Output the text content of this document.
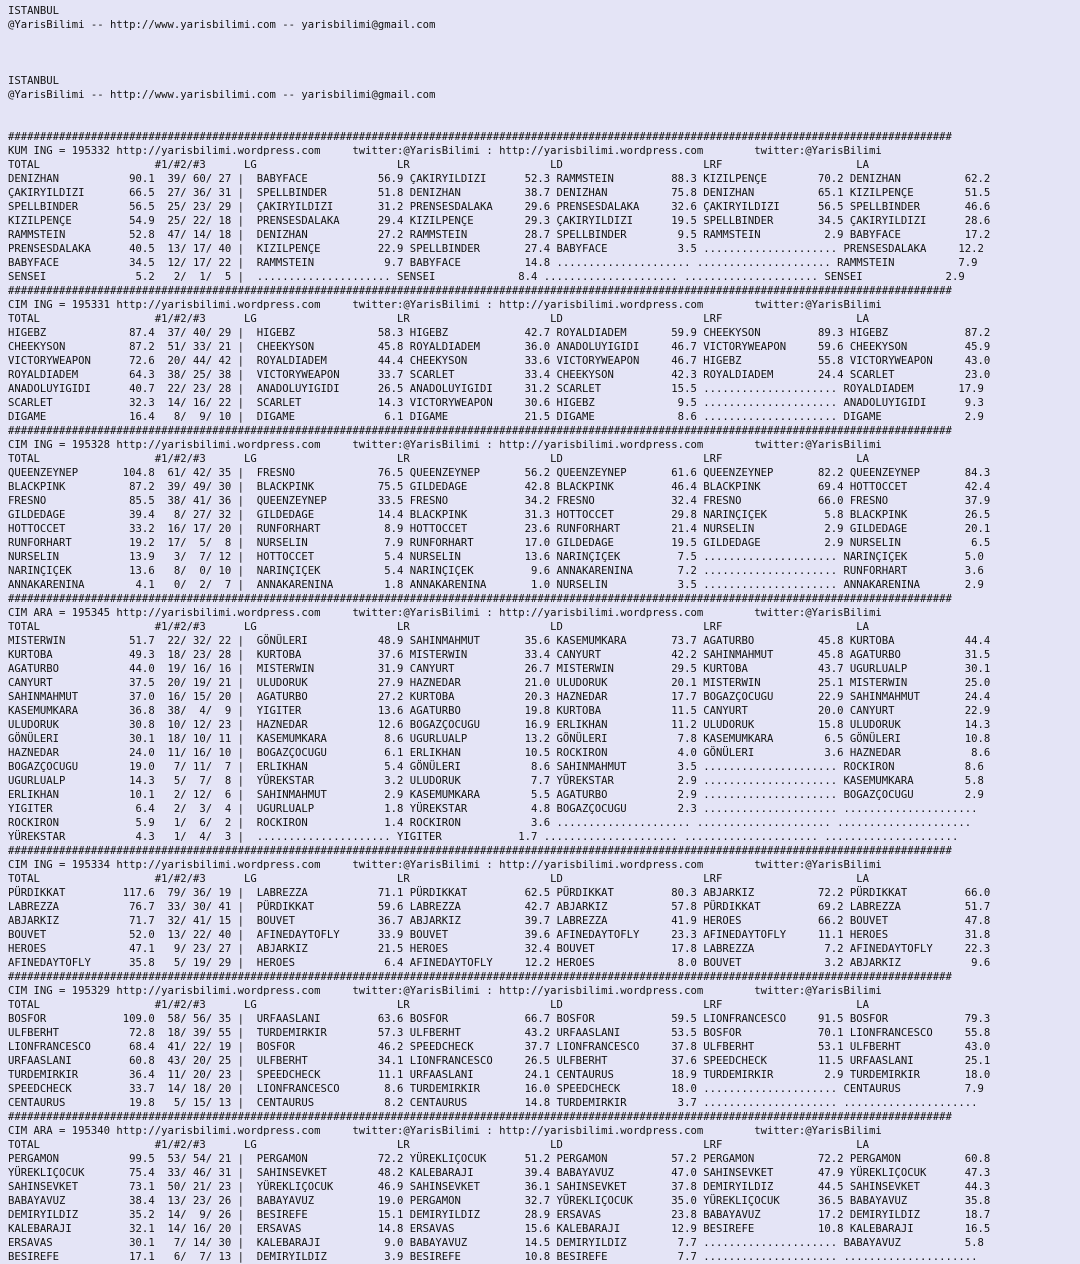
ISTANBUL
@YarisBilimi -- http://www.yarisbilimi.com -- yarisbilimi@gmail.com
ISTANBUL
@YarisBilimi -- http://www.yarisbilimi.com -- yarisbilimi@gmail.com
####################################################################################################################################################
KUM ING = 195332 http://yarisbilimi.wordpress.com     twitter:@YarisBilimi : http://yarisbilimi.wordpress.com        twitter:@YarisBilimi
TOTAL                  #1/#2/#3      LG                      LR                      LD                      LRF                     LA
DENIZHAN           90.1  39/ 60/ 27 |  BABYFACE           56.9 ÇAKIRYILDIZI      52.3 RAMMSTEIN         88.3 KIZILPENÇE        70.2 DENIZHAN          62.2
ÇAKIRYILDIZI       66.5  27/ 36/ 31 |  SPELLBINDER        51.8 DENIZHAN          38.7 DENIZHAN          75.8 DENIZHAN          65.1 KIZILPENÇE        51.5
SPELLBINDER        56.5  25/ 23/ 29 |  ÇAKIRYILDIZI       31.2 PRENSESDALAKA     29.6 PRENSESDALAKA     32.6 ÇAKIRYILDIZI      56.5 SPELLBINDER       46.6
KIZILPENÇE         54.9  25/ 22/ 18 |  PRENSESDALAKA      29.4 KIZILPENÇE        29.3 ÇAKIRYILDIZI      19.5 SPELLBINDER       34.5 ÇAKIRYILDIZI      28.6
RAMMSTEIN          52.8  47/ 14/ 18 |  DENIZHAN           27.2 RAMMSTEIN         28.7 SPELLBINDER        9.5 RAMMSTEIN          2.9 BABYFACE          17.2
PRENSESDALAKA      40.5  13/ 17/ 40 |  KIZILPENÇE         22.9 SPELLBINDER       27.4 BABYFACE           3.5 ..................... PRENSESDALAKA     12.2
BABYFACE           34.5  12/ 17/ 22 |  RAMMSTEIN           9.7 BABYFACE          14.8 ..................... ..................... RAMMSTEIN          7.9
SENSEI              5.2   2/  1/  5 |  ..................... SENSEI             8.4 ..................... ..................... SENSEI             2.9
####################################################################################################################################################
CIM ING = 195331 http://yarisbilimi.wordpress.com     twitter:@YarisBilimi : http://yarisbilimi.wordpress.com        twitter:@YarisBilimi
TOTAL                  #1/#2/#3      LG                      LR                      LD                      LRF                     LA
HIGEBZ             87.4  37/ 40/ 29 |  HIGEBZ             58.3 HIGEBZ            42.7 ROYALDIADEM       59.9 CHEEKYSON         89.3 HIGEBZ            87.2
CHEEKYSON          87.2  51/ 33/ 21 |  CHEEKYSON          45.8 ROYALDIADEM       36.0 ANADOLUYIGIDI     46.7 VICTORYWEAPON     59.6 CHEEKYSON         45.9
VICTORYWEAPON      72.6  20/ 44/ 42 |  ROYALDIADEM        44.4 CHEEKYSON         33.6 VICTORYWEAPON     46.7 HIGEBZ            55.8 VICTORYWEAPON     43.0
ROYALDIADEM        64.3  38/ 25/ 38 |  VICTORYWEAPON      33.7 SCARLET           33.4 CHEEKYSON         42.3 ROYALDIADEM       24.4 SCARLET           23.0
ANADOLUYIGIDI      40.7  22/ 23/ 28 |  ANADOLUYIGIDI      26.5 ANADOLUYIGIDI     31.2 SCARLET           15.5 ..................... ROYALDIADEM       17.9
SCARLET            32.3  14/ 16/ 22 |  SCARLET            14.3 VICTORYWEAPON     30.6 HIGEBZ             9.5 ..................... ANADOLUYIGIDI      9.3
DIGAME             16.4   8/  9/ 10 |  DIGAME              6.1 DIGAME            21.5 DIGAME             8.6 ..................... DIGAME             2.9
####################################################################################################################################################
CIM ING = 195328 http://yarisbilimi.wordpress.com     twitter:@YarisBilimi : http://yarisbilimi.wordpress.com        twitter:@YarisBilimi
TOTAL                  #1/#2/#3      LG                      LR                      LD                      LRF                     LA
QUEENZEYNEP       104.8  61/ 42/ 35 |  FRESNO             76.5 QUEENZEYNEP       56.2 QUEENZEYNEP       61.6 QUEENZEYNEP       82.2 QUEENZEYNEP       84.3
BLACKPINK          87.2  39/ 49/ 30 |  BLACKPINK          75.5 GILDEDAGE         42.8 BLACKPINK         46.4 BLACKPINK         69.4 HOTTOCCET         42.4
FRESNO             85.5  38/ 41/ 36 |  QUEENZEYNEP        33.5 FRESNO            34.2 FRESNO            32.4 FRESNO            66.0 FRESNO            37.9
GILDEDAGE          39.4   8/ 27/ 32 |  GILDEDAGE          14.4 BLACKPINK         31.3 HOTTOCCET         29.8 NARINÇIÇEK         5.8 BLACKPINK         26.5
HOTTOCCET          33.2  16/ 17/ 20 |  RUNFORHART          8.9 HOTTOCCET         23.6 RUNFORHART        21.4 NURSELIN           2.9 GILDEDAGE         20.1
RUNFORHART         19.2  17/  5/  8 |  NURSELIN            7.9 RUNFORHART        17.0 GILDEDAGE         19.5 GILDEDAGE          2.9 NURSELIN           6.5
NURSELIN           13.9   3/  7/ 12 |  HOTTOCCET           5.4 NURSELIN          13.6 NARINÇIÇEK         7.5 ..................... NARINÇIÇEK         5.0
NARINÇIÇEK         13.6   8/  0/ 10 |  NARINÇIÇEK          5.4 NARINÇIÇEK         9.6 ANNAKARENINA       7.2 ..................... RUNFORHART         3.6
ANNAKARENINA        4.1   0/  2/  7 |  ANNAKARENINA        1.8 ANNAKARENINA       1.0 NURSELIN           3.5 ..................... ANNAKARENINA       2.9
####################################################################################################################################################
CIM ARA = 195345 http://yarisbilimi.wordpress.com     twitter:@YarisBilimi : http://yarisbilimi.wordpress.com        twitter:@YarisBilimi
TOTAL                  #1/#2/#3      LG                      LR                      LD                      LRF                     LA
MISTERWIN          51.7  22/ 32/ 22 |  GÖNÜLERI           48.9 SAHINMAHMUT       35.6 KASEMUMKARA       73.7 AGATURBO          45.8 KURTOBA           44.4
KURTOBA            49.3  18/ 23/ 28 |  KURTOBA            37.6 MISTERWIN         33.4 CANYURT           42.2 SAHINMAHMUT       45.8 AGATURBO          31.5
AGATURBO           44.0  19/ 16/ 16 |  MISTERWIN          31.9 CANYURT           26.7 MISTERWIN         29.5 KURTOBA           43.7 UGURLUALP         30.1
CANYURT            37.5  20/ 19/ 21 |  ULUDORUK           27.9 HAZNEDAR          21.0 ULUDORUK          20.1 MISTERWIN         25.1 MISTERWIN         25.0
SAHINMAHMUT        37.0  16/ 15/ 20 |  AGATURBO           27.2 KURTOBA           20.3 HAZNEDAR          17.7 BOGAZÇOCUGU       22.9 SAHINMAHMUT       24.4
KASEMUMKARA        36.8  38/  4/  9 |  YIGITER            13.6 AGATURBO          19.8 KURTOBA           11.5 CANYURT           20.0 CANYURT           22.9
ULUDORUK           30.8  10/ 12/ 23 |  HAZNEDAR           12.6 BOGAZÇOCUGU       16.9 ERLIKHAN          11.2 ULUDORUK          15.8 ULUDORUK          14.3
GÖNÜLERI           30.1  18/ 10/ 11 |  KASEMUMKARA         8.6 UGURLUALP         13.2 GÖNÜLERI           7.8 KASEMUMKARA        6.5 GÖNÜLERI          10.8
HAZNEDAR           24.0  11/ 16/ 10 |  BOGAZÇOCUGU         6.1 ERLIKHAN          10.5 ROCKIRON           4.0 GÖNÜLERI           3.6 HAZNEDAR           8.6
BOGAZÇOCUGU        19.0   7/ 11/  7 |  ERLIKHAN            5.4 GÖNÜLERI           8.6 SAHINMAHMUT        3.5 ..................... ROCKIRON           8.6
UGURLUALP          14.3   5/  7/  8 |  YÜREKSTAR           3.2 ULUDORUK           7.7 YÜREKSTAR          2.9 ..................... KASEMUMKARA        5.8
ERLIKHAN           10.1   2/ 12/  6 |  SAHINMAHMUT         2.9 KASEMUMKARA        5.5 AGATURBO           2.9 ..................... BOGAZÇOCUGU        2.9
YIGITER             6.4   2/  3/  4 |  UGURLUALP           1.8 YÜREKSTAR          4.8 BOGAZÇOCUGU        2.3 ..................... .....................
ROCKIRON            5.9   1/  6/  2 |  ROCKIRON            1.4 ROCKIRON           3.6 ..................... ..................... .....................
YÜREKSTAR           4.3   1/  4/  3 |  ..................... YIGITER            1.7 ..................... ..................... .....................
####################################################################################################################################################
CIM ING = 195334 http://yarisbilimi.wordpress.com     twitter:@YarisBilimi : http://yarisbilimi.wordpress.com        twitter:@YarisBilimi
TOTAL                  #1/#2/#3      LG                      LR                      LD                      LRF                     LA
PÜRDIKKAT         117.6  79/ 36/ 19 |  LABREZZA           71.1 PÜRDIKKAT         62.5 PÜRDIKKAT         80.3 ABJARKIZ          72.2 PÜRDIKKAT         66.0
LABREZZA           76.7  33/ 30/ 41 |  PÜRDIKKAT          59.6 LABREZZA          42.7 ABJARKIZ          57.8 PÜRDIKKAT         69.2 LABREZZA          51.7
ABJARKIZ           71.7  32/ 41/ 15 |  BOUVET             36.7 ABJARKIZ          39.7 LABREZZA          41.9 HEROES            66.2 BOUVET            47.8
BOUVET             52.0  13/ 22/ 40 |  AFINEDAYTOFLY      33.9 BOUVET            39.6 AFINEDAYTOFLY     23.3 AFINEDAYTOFLY     11.1 HEROES            31.8
HEROES             47.1   9/ 23/ 27 |  ABJARKIZ           21.5 HEROES            32.4 BOUVET            17.8 LABREZZA           7.2 AFINEDAYTOFLY     22.3
AFINEDAYTOFLY      35.8   5/ 19/ 29 |  HEROES              6.4 AFINEDAYTOFLY     12.2 HEROES             8.0 BOUVET             3.2 ABJARKIZ           9.6
####################################################################################################################################################
CIM ING = 195329 http://yarisbilimi.wordpress.com     twitter:@YarisBilimi : http://yarisbilimi.wordpress.com        twitter:@YarisBilimi
TOTAL                  #1/#2/#3      LG                      LR                      LD                      LRF                     LA
BOSFOR            109.0  58/ 56/ 35 |  URFAASLANI         63.6 BOSFOR            66.7 BOSFOR            59.5 LIONFRANCESCO     91.5 BOSFOR            79.3
ULFBERHT           72.8  18/ 39/ 55 |  TURDEMIRKIR        57.3 ULFBERHT          43.2 URFAASLANI        53.5 BOSFOR            70.1 LIONFRANCESCO     55.8
LIONFRANCESCO      68.4  41/ 22/ 19 |  BOSFOR             46.2 SPEEDCHECK        37.7 LIONFRANCESCO     37.8 ULFBERHT          53.1 ULFBERHT          43.0
URFAASLANI         60.8  43/ 20/ 25 |  ULFBERHT           34.1 LIONFRANCESCO     26.5 ULFBERHT          37.6 SPEEDCHECK        11.5 URFAASLANI        25.1
TURDEMIRKIR        36.4  11/ 20/ 23 |  SPEEDCHECK         11.1 URFAASLANI        24.1 CENTAURUS         18.9 TURDEMIRKIR        2.9 TURDEMIRKIR       18.0
SPEEDCHECK         33.7  14/ 18/ 20 |  LIONFRANCESCO       8.6 TURDEMIRKIR       16.0 SPEEDCHECK        18.0 ..................... CENTAURUS          7.9
CENTAURUS          19.8   5/ 15/ 13 |  CENTAURUS           8.2 CENTAURUS         14.8 TURDEMIRKIR        3.7 ..................... .....................
####################################################################################################################################################
CIM ARA = 195340 http://yarisbilimi.wordpress.com     twitter:@YarisBilimi : http://yarisbilimi.wordpress.com        twitter:@YarisBilimi
TOTAL                  #1/#2/#3      LG                      LR                      LD                      LRF                     LA
PERGAMON           99.5  53/ 54/ 21 |  PERGAMON           72.2 YÜREKLIÇOCUK      51.2 PERGAMON          57.2 PERGAMON          72.2 PERGAMON          60.8
YÜREKLIÇOCUK       75.4  33/ 46/ 31 |  SAHINSEVKET        48.2 KALEBARAJI        39.4 BABAYAVUZ         47.0 SAHINSEVKET       47.9 YÜREKLIÇOCUK      47.3
SAHINSEVKET        73.1  50/ 21/ 23 |  YÜREKLIÇOCUK       46.9 SAHINSEVKET       36.1 SAHINSEVKET       37.8 DEMIRYILDIZ       44.5 SAHINSEVKET       44.3
BABAYAVUZ          38.4  13/ 23/ 26 |  BABAYAVUZ          19.0 PERGAMON          32.7 YÜREKLIÇOCUK      35.0 YÜREKLIÇOCUK      36.5 BABAYAVUZ         35.8
DEMIRYILDIZ        35.2  14/  9/ 26 |  BESIREFE           15.1 DEMIRYILDIZ       28.9 ERSAVAS           23.8 BABAYAVUZ         17.2 DEMIRYILDIZ       18.7
KALEBARAJI         32.1  14/ 16/ 20 |  ERSAVAS            14.8 ERSAVAS           15.6 KALEBARAJI        12.9 BESIREFE          10.8 KALEBARAJI        16.5
ERSAVAS            30.1   7/ 14/ 30 |  KALEBARAJI          9.0 BABAYAVUZ         14.5 DEMIRYILDIZ        7.7 ..................... BABAYAVUZ          5.8
BESIREFE           17.1   6/  7/ 13 |  DEMIRYILDIZ         3.9 BESIREFE          10.8 BESIREFE           7.7 ..................... .....................
